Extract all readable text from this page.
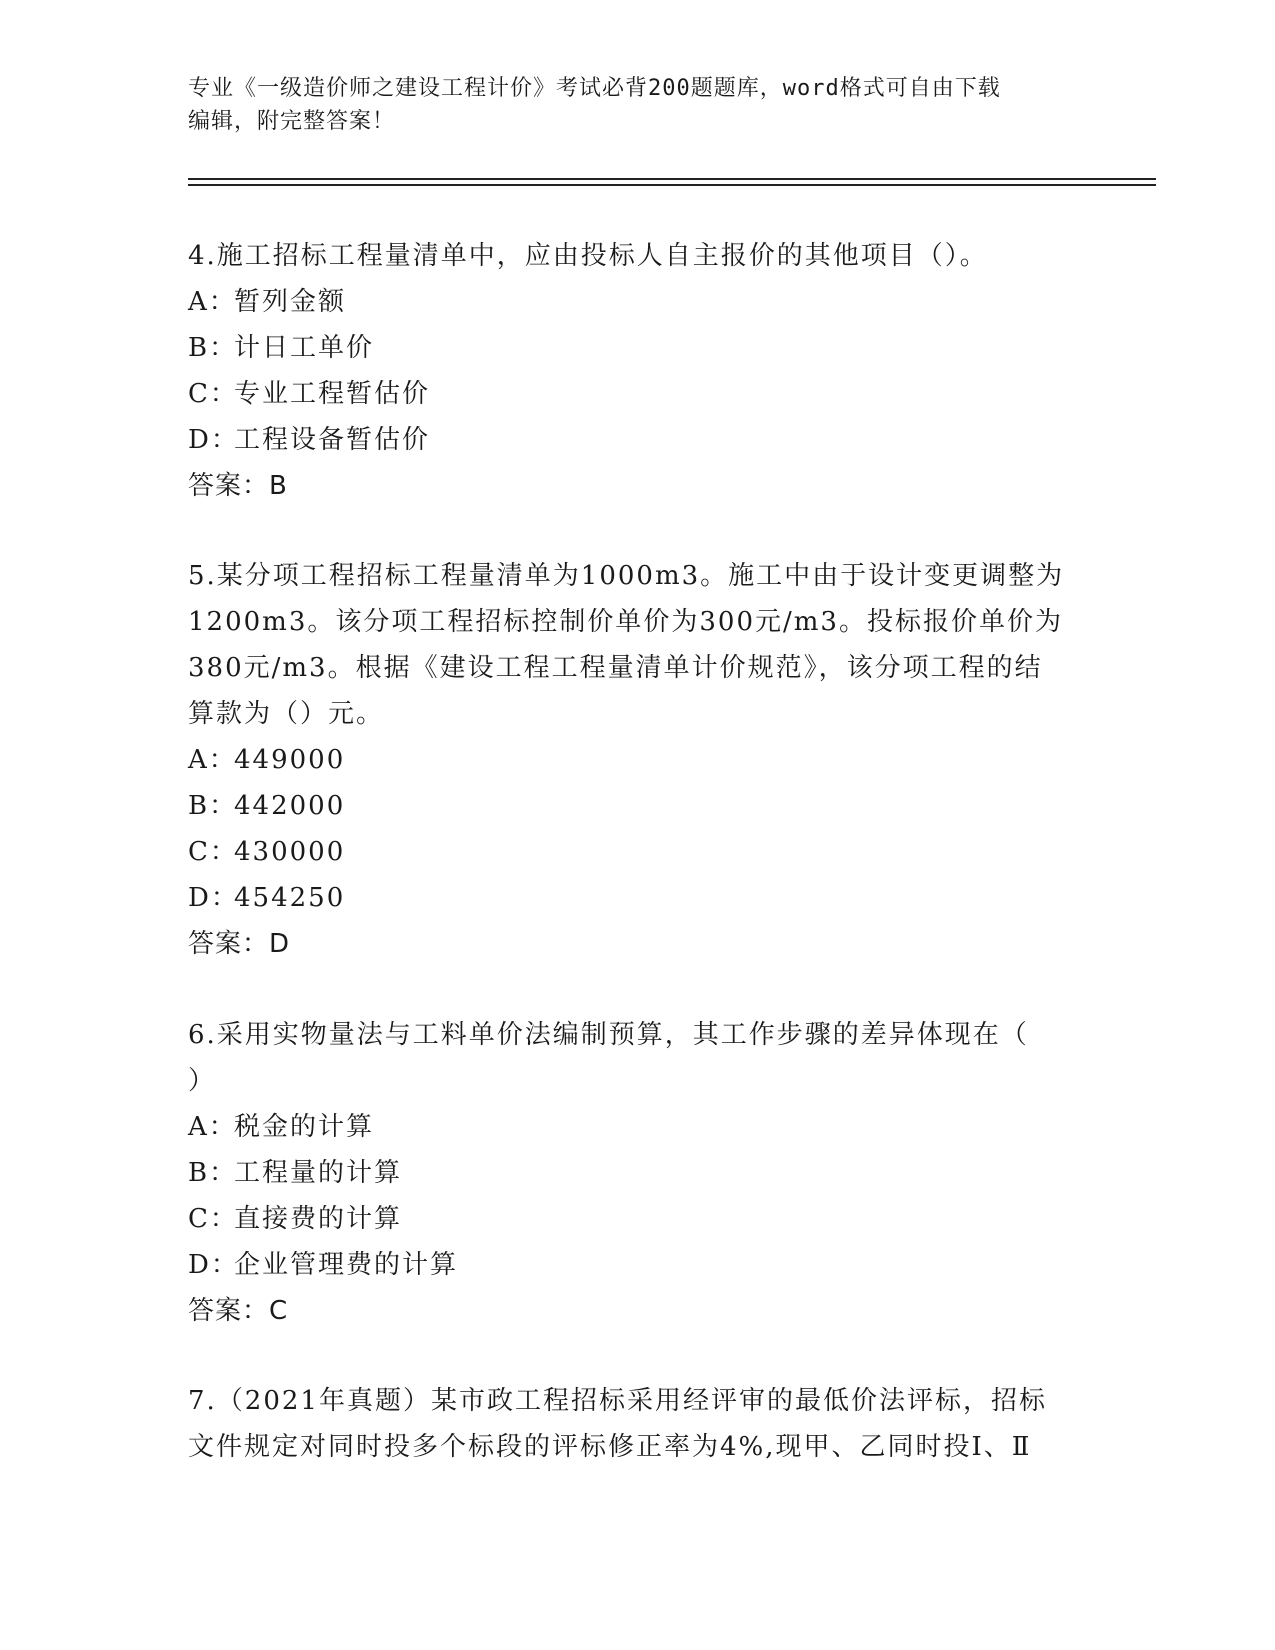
专业《一级造价师之建设工程计价》考试必背200题题库，word格式可自由下载
编辑，附完整答案！
4.施工招标工程量清单中，应由投标人自主报价的其他项目（）。
A：暂列金额
B：计日工单价
C：专业工程暂估价
D：工程设备暂估价
答案：B
5.某分项工程招标工程量清单为1000m3。施工中由于设计变更调整为
1200m3。该分项工程招标控制价单价为300元/m3。投标报价单价为
380元/m3。根据《建设工程工程量清单计价规范》，该分项工程的结
算款为（）元。
A：449000
B：442000
C：430000
D：454250
答案：D
6.采用实物量法与工料单价法编制预算，其工作步骤的差异体现在（
）
A：税金的计算
B：工程量的计算
C：直接费的计算
D：企业管理费的计算
答案：C
7.（2021年真题）某市政工程招标采用经评审的最低价法评标，招标
文件规定对同时投多个标段的评标修正率为4%,现甲、乙同时投Ⅰ、Ⅱ
